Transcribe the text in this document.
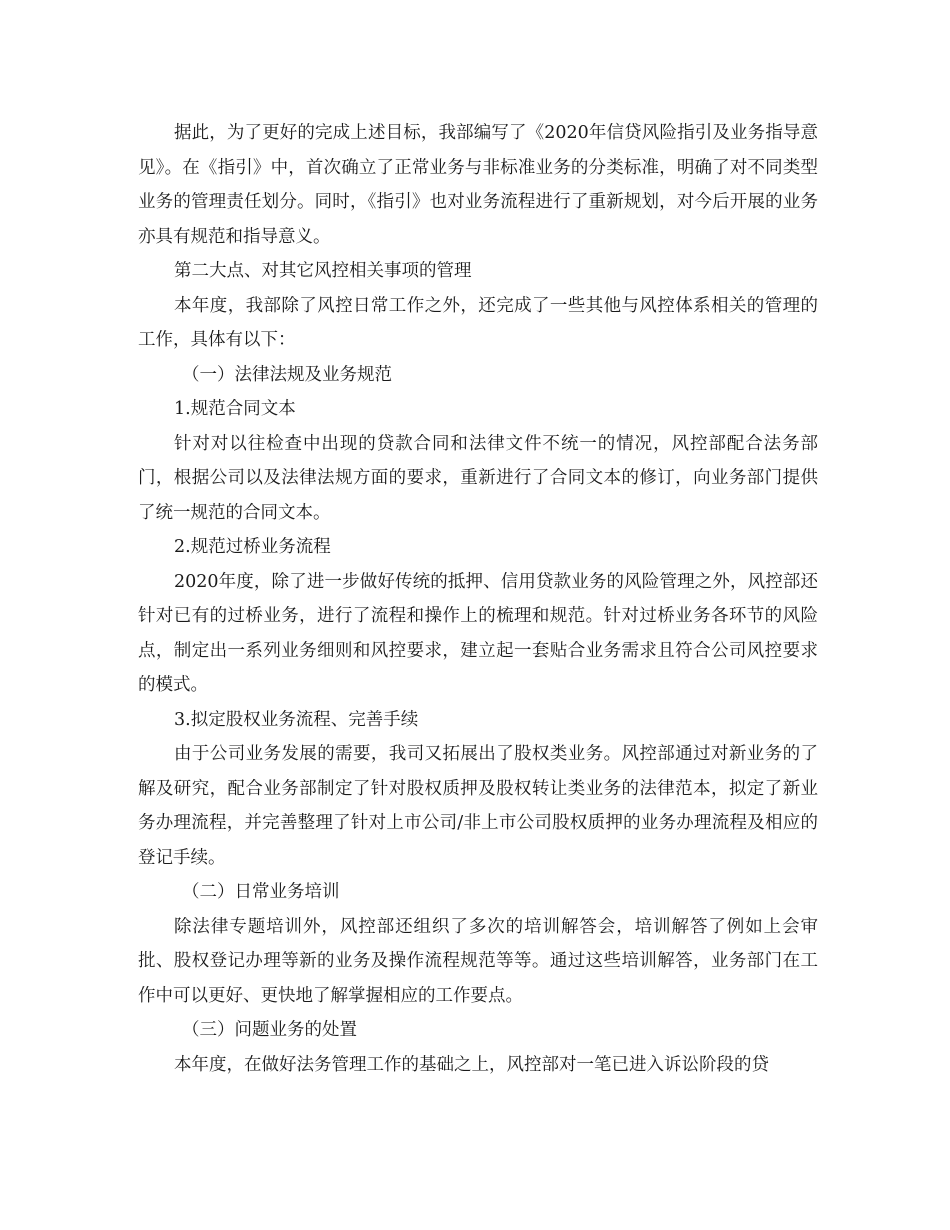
据此，为了更好的完成上述目标，我部编写了《2020年信贷风险指引及业务指导意见》。在《指引》中，首次确立了正常业务与非标准业务的分类标准，明确了对不同类型业务的管理责任划分。同时，《指引》也对业务流程进行了重新规划，对今后开展的业务亦具有规范和指导意义。

第二大点、对其它风控相关事项的管理

本年度，我部除了风控日常工作之外，还完成了一些其他与风控体系相关的管理的工作，具体有以下：

（一）法律法规及业务规范

1.规范合同文本

针对对以往检查中出现的贷款合同和法律文件不统一的情况，风控部配合法务部门，根据公司以及法律法规方面的要求，重新进行了合同文本的修订，向业务部门提供了统一规范的合同文本。

2.规范过桥业务流程

2020年度，除了进一步做好传统的抵押、信用贷款业务的风险管理之外，风控部还针对已有的过桥业务，进行了流程和操作上的梳理和规范。针对过桥业务各环节的风险点，制定出一系列业务细则和风控要求，建立起一套贴合业务需求且符合公司风控要求的模式。

3.拟定股权业务流程、完善手续

由于公司业务发展的需要，我司又拓展出了股权类业务。风控部通过对新业务的了解及研究，配合业务部制定了针对股权质押及股权转让类业务的法律范本，拟定了新业务办理流程，并完善整理了针对上市公司/非上市公司股权质押的业务办理流程及相应的登记手续。

（二）日常业务培训

除法律专题培训外，风控部还组织了多次的培训解答会，培训解答了例如上会审批、股权登记办理等新的业务及操作流程规范等等。通过这些培训解答，业务部门在工作中可以更好、更快地了解掌握相应的工作要点。

（三）问题业务的处置

本年度，在做好法务管理工作的基础之上，风控部对一笔已进入诉讼阶段的贷
